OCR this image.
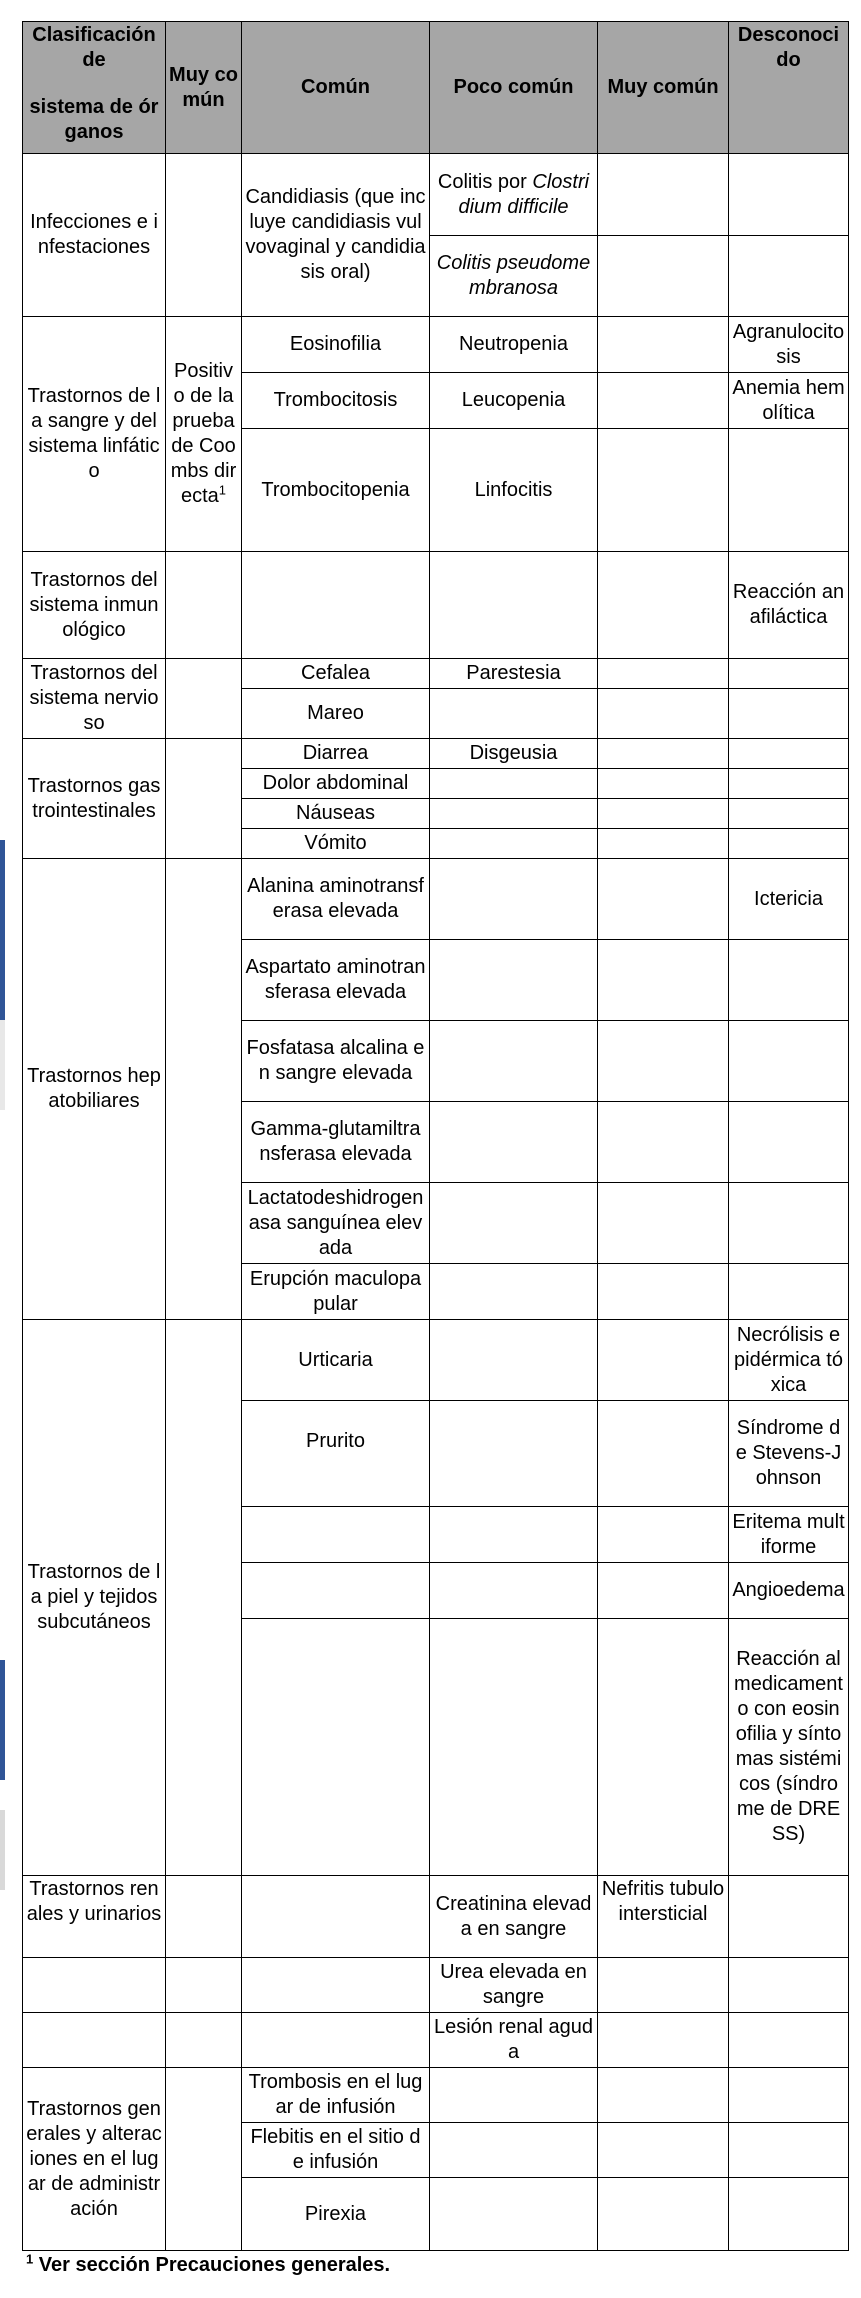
Clasificación de
sistema de órganos	Muy común	Común	Poco común	Muy común	Desconocido
Infecciones e infestaciones		Candidiasis (que incluye candidiasis vulvovaginal y candidiasis oral)	Colitis por Clostridium difficile		
			Colitis pseudomembranosa		
Trastornos de la sangre y del sistema linfático	Positivo de la prueba de Coombs directa$^1$	Eosinofilia	Neutropenia		Agranulocitosis
		Trombocitosis	Leucopenia		Anemia hemolítica
		Trombocitopenia	Linfocitis		
Trastornos del sistema inmunológico					Reacción anafiláctica
Trastornos del sistema nervioso		Cefalea	Parestesia		
		Mareo			
Trastornos gastrointestinales		Diarrea	Disgeusia		
		Dolor abdominal			
		Náuseas			
		Vómito			
Trastornos hepatobiliares		Alanina aminotransferasa elevada			Ictericia
		Aspartato aminotransferasa elevada			
		Fosfatasa alcalina en sangre elevada			
		Gamma-glutamiltransferasa elevada			
		Lactatodeshidrogenasa sanguínea elevada			
		Erupción maculopapular			
Trastornos de la piel y tejidos subcutáneos		Urticaria			Necrólisis epidérmica tóxica
		Prurito			Síndrome de Stevens-Johnson
					Eritema multiforme
					Angioedema
					Reacción al medicamento con eosinofilia y síntomas sistémicos (síndrome de DRESS)
Trastornos renales y urinarios			Creatinina elevada en sangre	Nefritis tubulointersticial	
			Urea elevada en sangre		
			Lesión renal aguda		
Trastornos generales y alteraciones en el lugar de administración		Trombosis en el lugar de infusión			
		Flebitis en el sitio de infusión			
		Pirexia			
$^1$ Ver sección Precauciones generales.
